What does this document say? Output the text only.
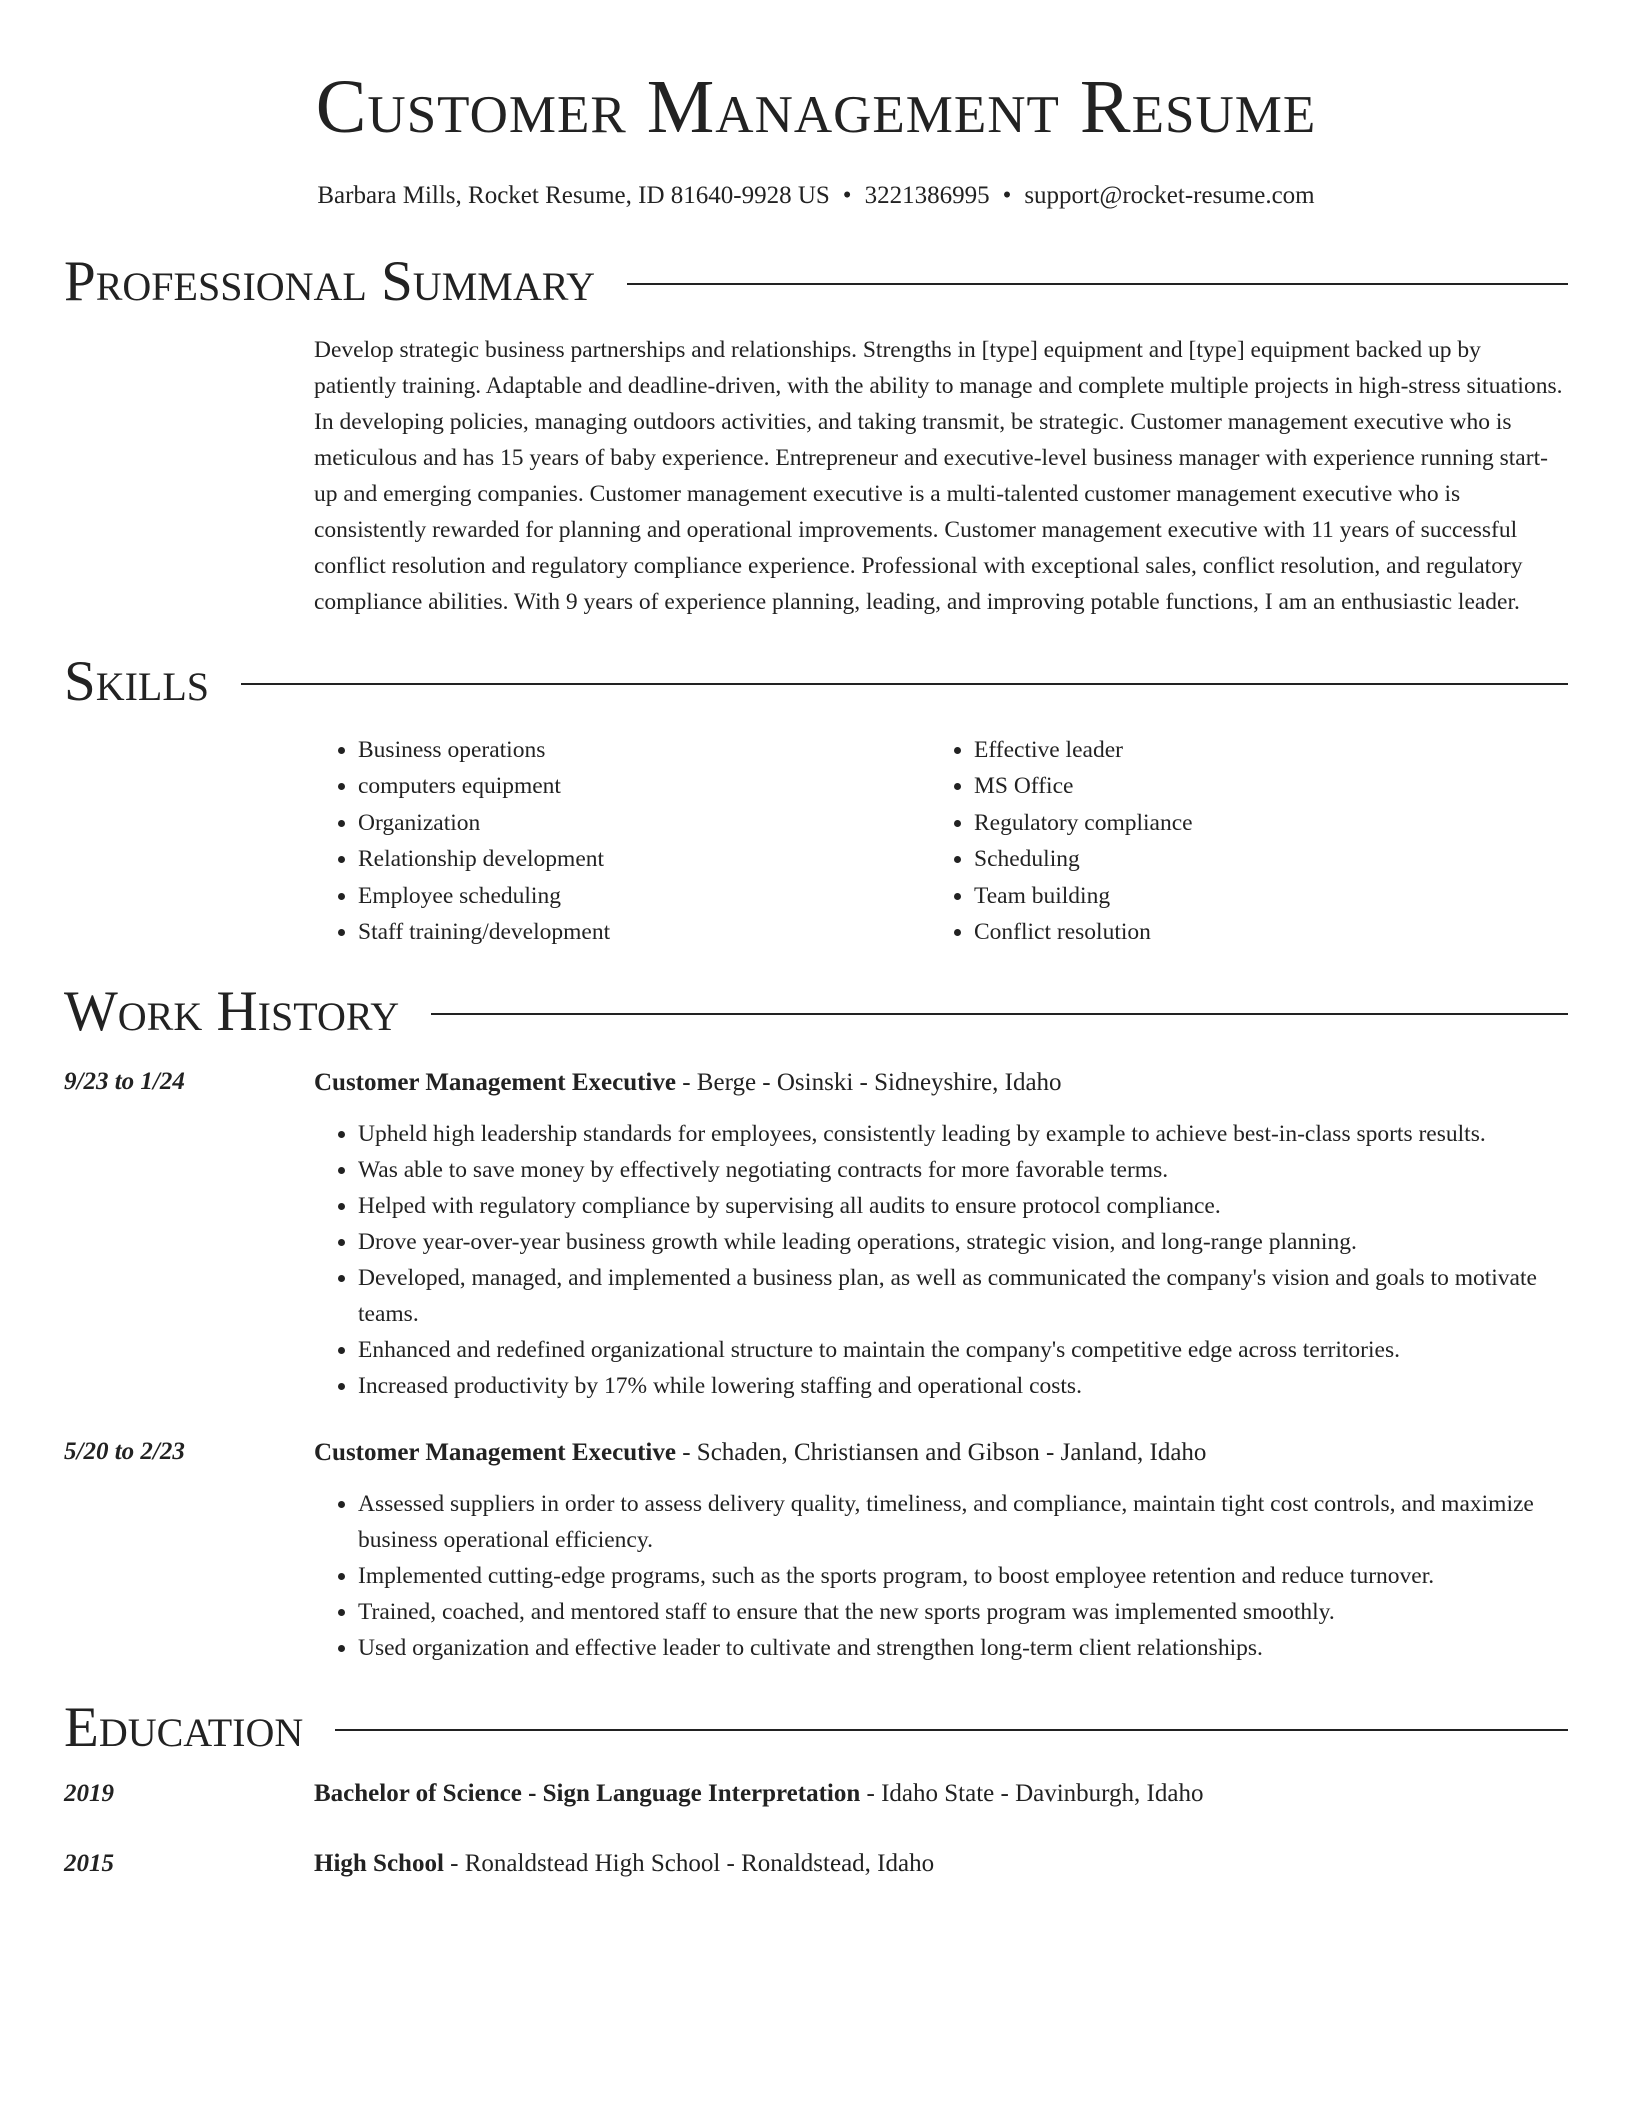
Customer Management Resume
Barbara Mills, Rocket Resume, ID 81640-9928 US • 3221386995 • support@rocket-resume.com
Professional Summary
Develop strategic business partnerships and relationships. Strengths in [type] equipment and [type] equipment backed up by patiently training. Adaptable and deadline-driven, with the ability to manage and complete multiple projects in high-stress situations. In developing policies, managing outdoors activities, and taking transmit, be strategic. Customer management executive who is meticulous and has 15 years of baby experience. Entrepreneur and executive-level business manager with experience running start-up and emerging companies. Customer management executive is a multi-talented customer management executive who is consistently rewarded for planning and operational improvements. Customer management executive with 11 years of successful conflict resolution and regulatory compliance experience. Professional with exceptional sales, conflict resolution, and regulatory compliance abilities. With 9 years of experience planning, leading, and improving potable functions, I am an enthusiastic leader.
Skills
• Business operations
• computers equipment
• Organization
• Relationship development
• Employee scheduling
• Staff training/development
• Effective leader
• MS Office
• Regulatory compliance
• Scheduling
• Team building
• Conflict resolution
Work History
9/23 to 1/24	Customer Management Executive - Berge - Osinski - Sidneyshire, Idaho
• Upheld high leadership standards for employees, consistently leading by example to achieve best-in-class sports results.
• Was able to save money by effectively negotiating contracts for more favorable terms.
• Helped with regulatory compliance by supervising all audits to ensure protocol compliance.
• Drove year-over-year business growth while leading operations, strategic vision, and long-range planning.
• Developed, managed, and implemented a business plan, as well as communicated the company's vision and goals to motivate teams.
• Enhanced and redefined organizational structure to maintain the company's competitive edge across territories.
• Increased productivity by 17% while lowering staffing and operational costs.
5/20 to 2/23	Customer Management Executive - Schaden, Christiansen and Gibson - Janland, Idaho
• Assessed suppliers in order to assess delivery quality, timeliness, and compliance, maintain tight cost controls, and maximize business operational efficiency.
• Implemented cutting-edge programs, such as the sports program, to boost employee retention and reduce turnover.
• Trained, coached, and mentored staff to ensure that the new sports program was implemented smoothly.
• Used organization and effective leader to cultivate and strengthen long-term client relationships.
Education
2019	Bachelor of Science - Sign Language Interpretation - Idaho State - Davinburgh, Idaho
2015	High School - Ronaldstead High School - Ronaldstead, Idaho
